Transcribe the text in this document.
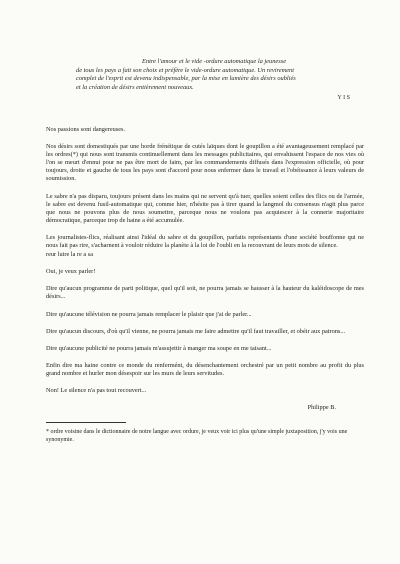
Entre l'amour et le vide -ordure automatique la jeunesse
de tous les pays a fait son choix et préfère le vide-ordure automatique. Un revirement
complet de l'esprit est devenu indispensable, par la mise en lumière des désirs oubliés
et la création de désirs entièrement nouveaux.
Y I S

Nos passions sont dangereuses.

Nos désirs sont domestiqués par une horde frénétique de cutés laïques dont le goupillon a été avantageusement remplacé par les ordres(*) qui nous sont transmis continuellement dans les messages publicitaires, qui envahissent l'espace de nos vies où l'on se meurt d'ennui pour ne pas être mort de faim, par les commandements diffusés dans l'expression officielle, où pour toujours, droite et gauche de tous les pays sont d'accord pour nous enfermer dans le travail et l'obéissance à leurs valeurs de soumission.

Le sabre n'a pas disparu, toujours présent dans les mains qui ne servent qu'à tuer, quelles soient celles des flics ou de l'armée, le sabre est devenu fusil-automatique qui, comme hier, n'hésite pas à tirer quand la langmol du consensus n'agit plus parce que nous ne pouvons plus de nous soumettre, parceque nous ne voulons pas acquiescer à la connerie majoritaire démocratique, parceque trop de haine a été accumulée.

Les journalistes-flics, réalisant ainsi l'idéal du sabre et du goupillon, parfaits représentants d'une société bouffonne qui ne nous fait pas rire, s'acharnent à vouloir réduire la planète à la loi de l'oubli en la recouvrant de leurs mots de silence.

reur luire la re a sa

Oui, je veux parler!

Dire qu'aucun programme de parti politique, quel qu'il soit, ne pourra jamais se hausser à la hauteur du kaléidoscope de mes désirs...

Dire qu'aucune télévision ne pourra jamais remplacer le plaisir que j'ai de parler...

Dire qu'aucun discours, d'où qu'il vienne, ne pourra jamais me faire admettre qu'il faut travailler, et obéir aux patrons...

Dire qu'aucune publicité ne pourra jamais m'assujettir à manger ma soupe en me taisant...

Enfin dire ma haine contre ce monde du renfermént, du désenchantement orchestré par un petit nombre au profit du plus grand nombre et hurler mon désespoir sur les murs de leurs servitudes.

Non! Le silence n'a pas tout recouvert...

Philippe B.

* ordre voisine dans le dictionnaire de notre langue avec ordure, je veux voir ici plus qu'une simple juxtaposition, j'y vois une synonymie.
